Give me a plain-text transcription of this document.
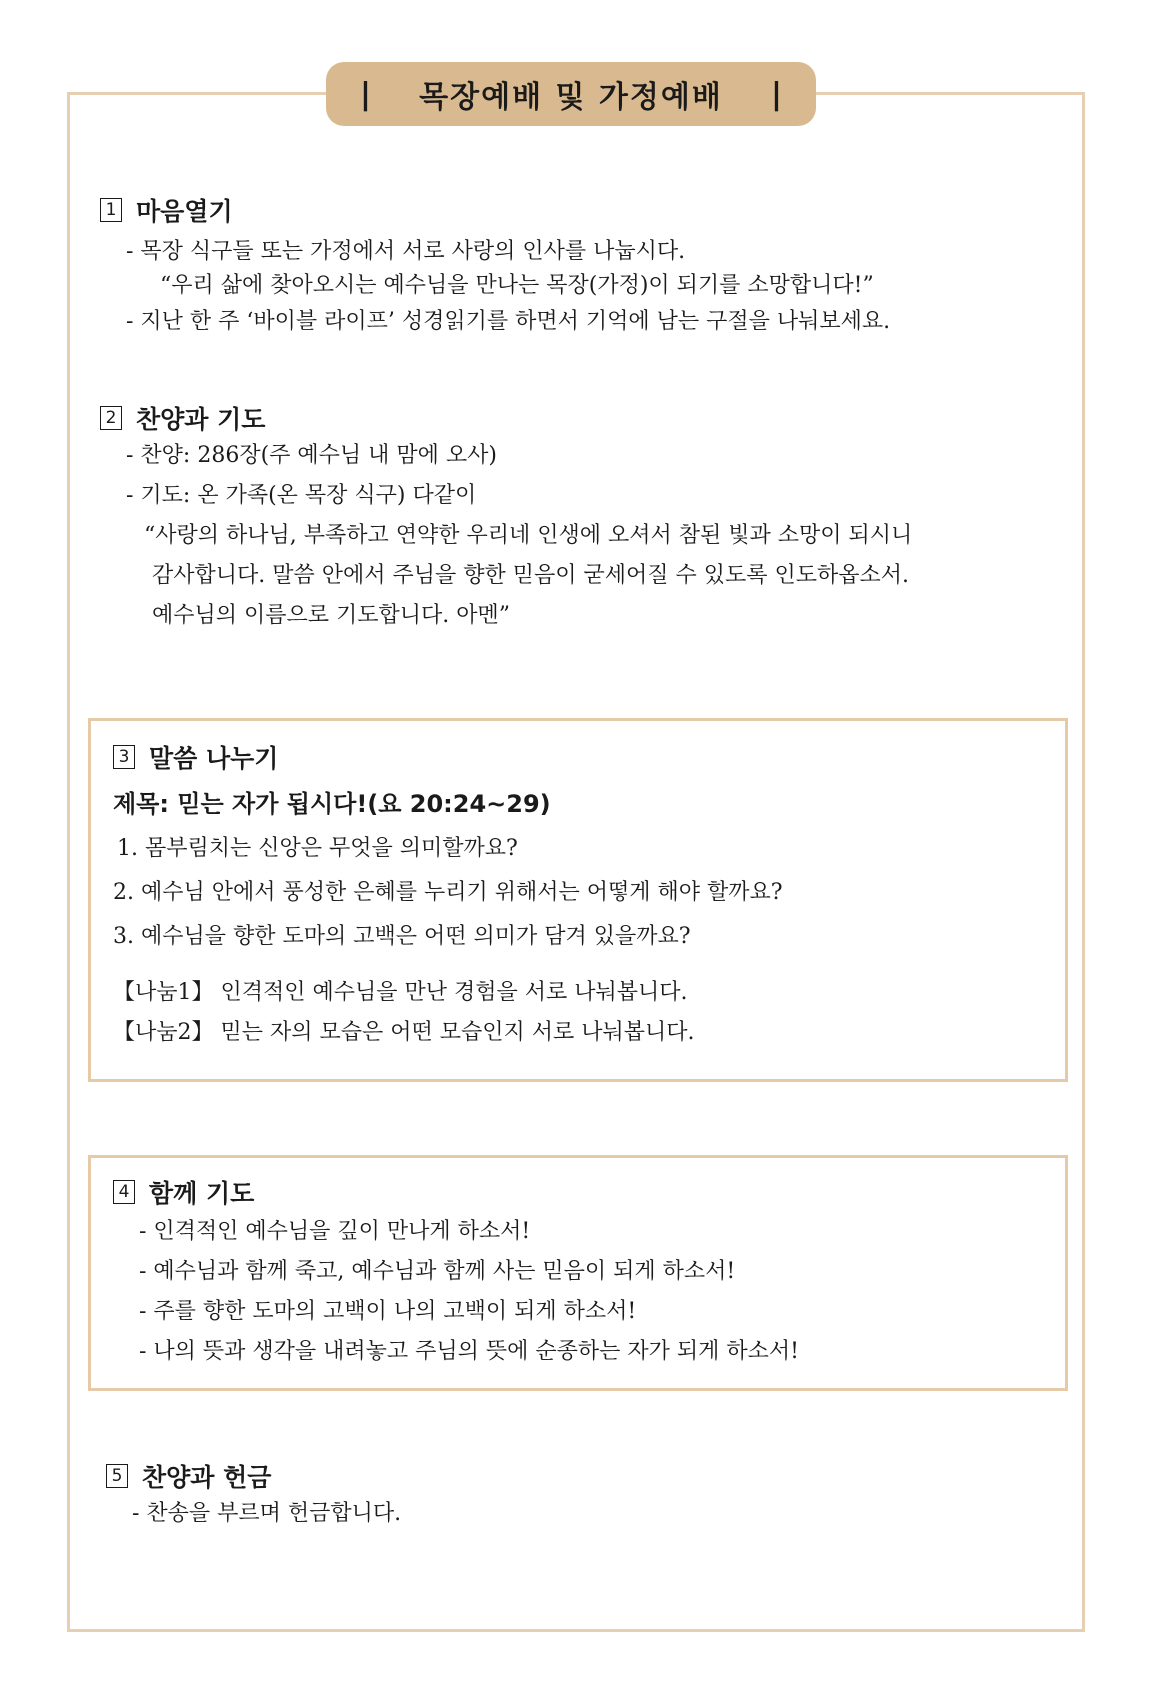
| 목장예배 및 가정예배 |
1 마음열기
- 목장 식구들 또는 가정에서 서로 사랑의 인사를 나눕시다.
“우리 삶에 찾아오시는 예수님을 만나는 목장(가정)이 되기를 소망합니다!”
- 지난 한 주 ‘바이블 라이프’ 성경읽기를 하면서 기억에 남는 구절을 나눠보세요.
2 찬양과 기도
- 찬양: 286장(주 예수님 내 맘에 오사)
- 기도: 온 가족(온 목장 식구) 다같이
“사랑의 하나님, 부족하고 연약한 우리네 인생에 오셔서 참된 빛과 소망이 되시니
감사합니다. 말씀 안에서 주님을 향한 믿음이 굳세어질 수 있도록 인도하옵소서.
예수님의 이름으로 기도합니다. 아멘”
3 말씀 나누기
제목: 믿는 자가 됩시다!(요 20:24~29)
1. 몸부림치는 신앙은 무엇을 의미할까요?
2. 예수님 안에서 풍성한 은혜를 누리기 위해서는 어떻게 해야 할까요?
3. 예수님을 향한 도마의 고백은 어떤 의미가 담겨 있을까요?
【나눔1】 인격적인 예수님을 만난 경험을 서로 나눠봅니다.
【나눔2】 믿는 자의 모습은 어떤 모습인지 서로 나눠봅니다.
4 함께 기도
- 인격적인 예수님을 깊이 만나게 하소서!
- 예수님과 함께 죽고, 예수님과 함께 사는 믿음이 되게 하소서!
- 주를 향한 도마의 고백이 나의 고백이 되게 하소서!
- 나의 뜻과 생각을 내려놓고 주님의 뜻에 순종하는 자가 되게 하소서!
5 찬양과 헌금
- 찬송을 부르며 헌금합니다.
